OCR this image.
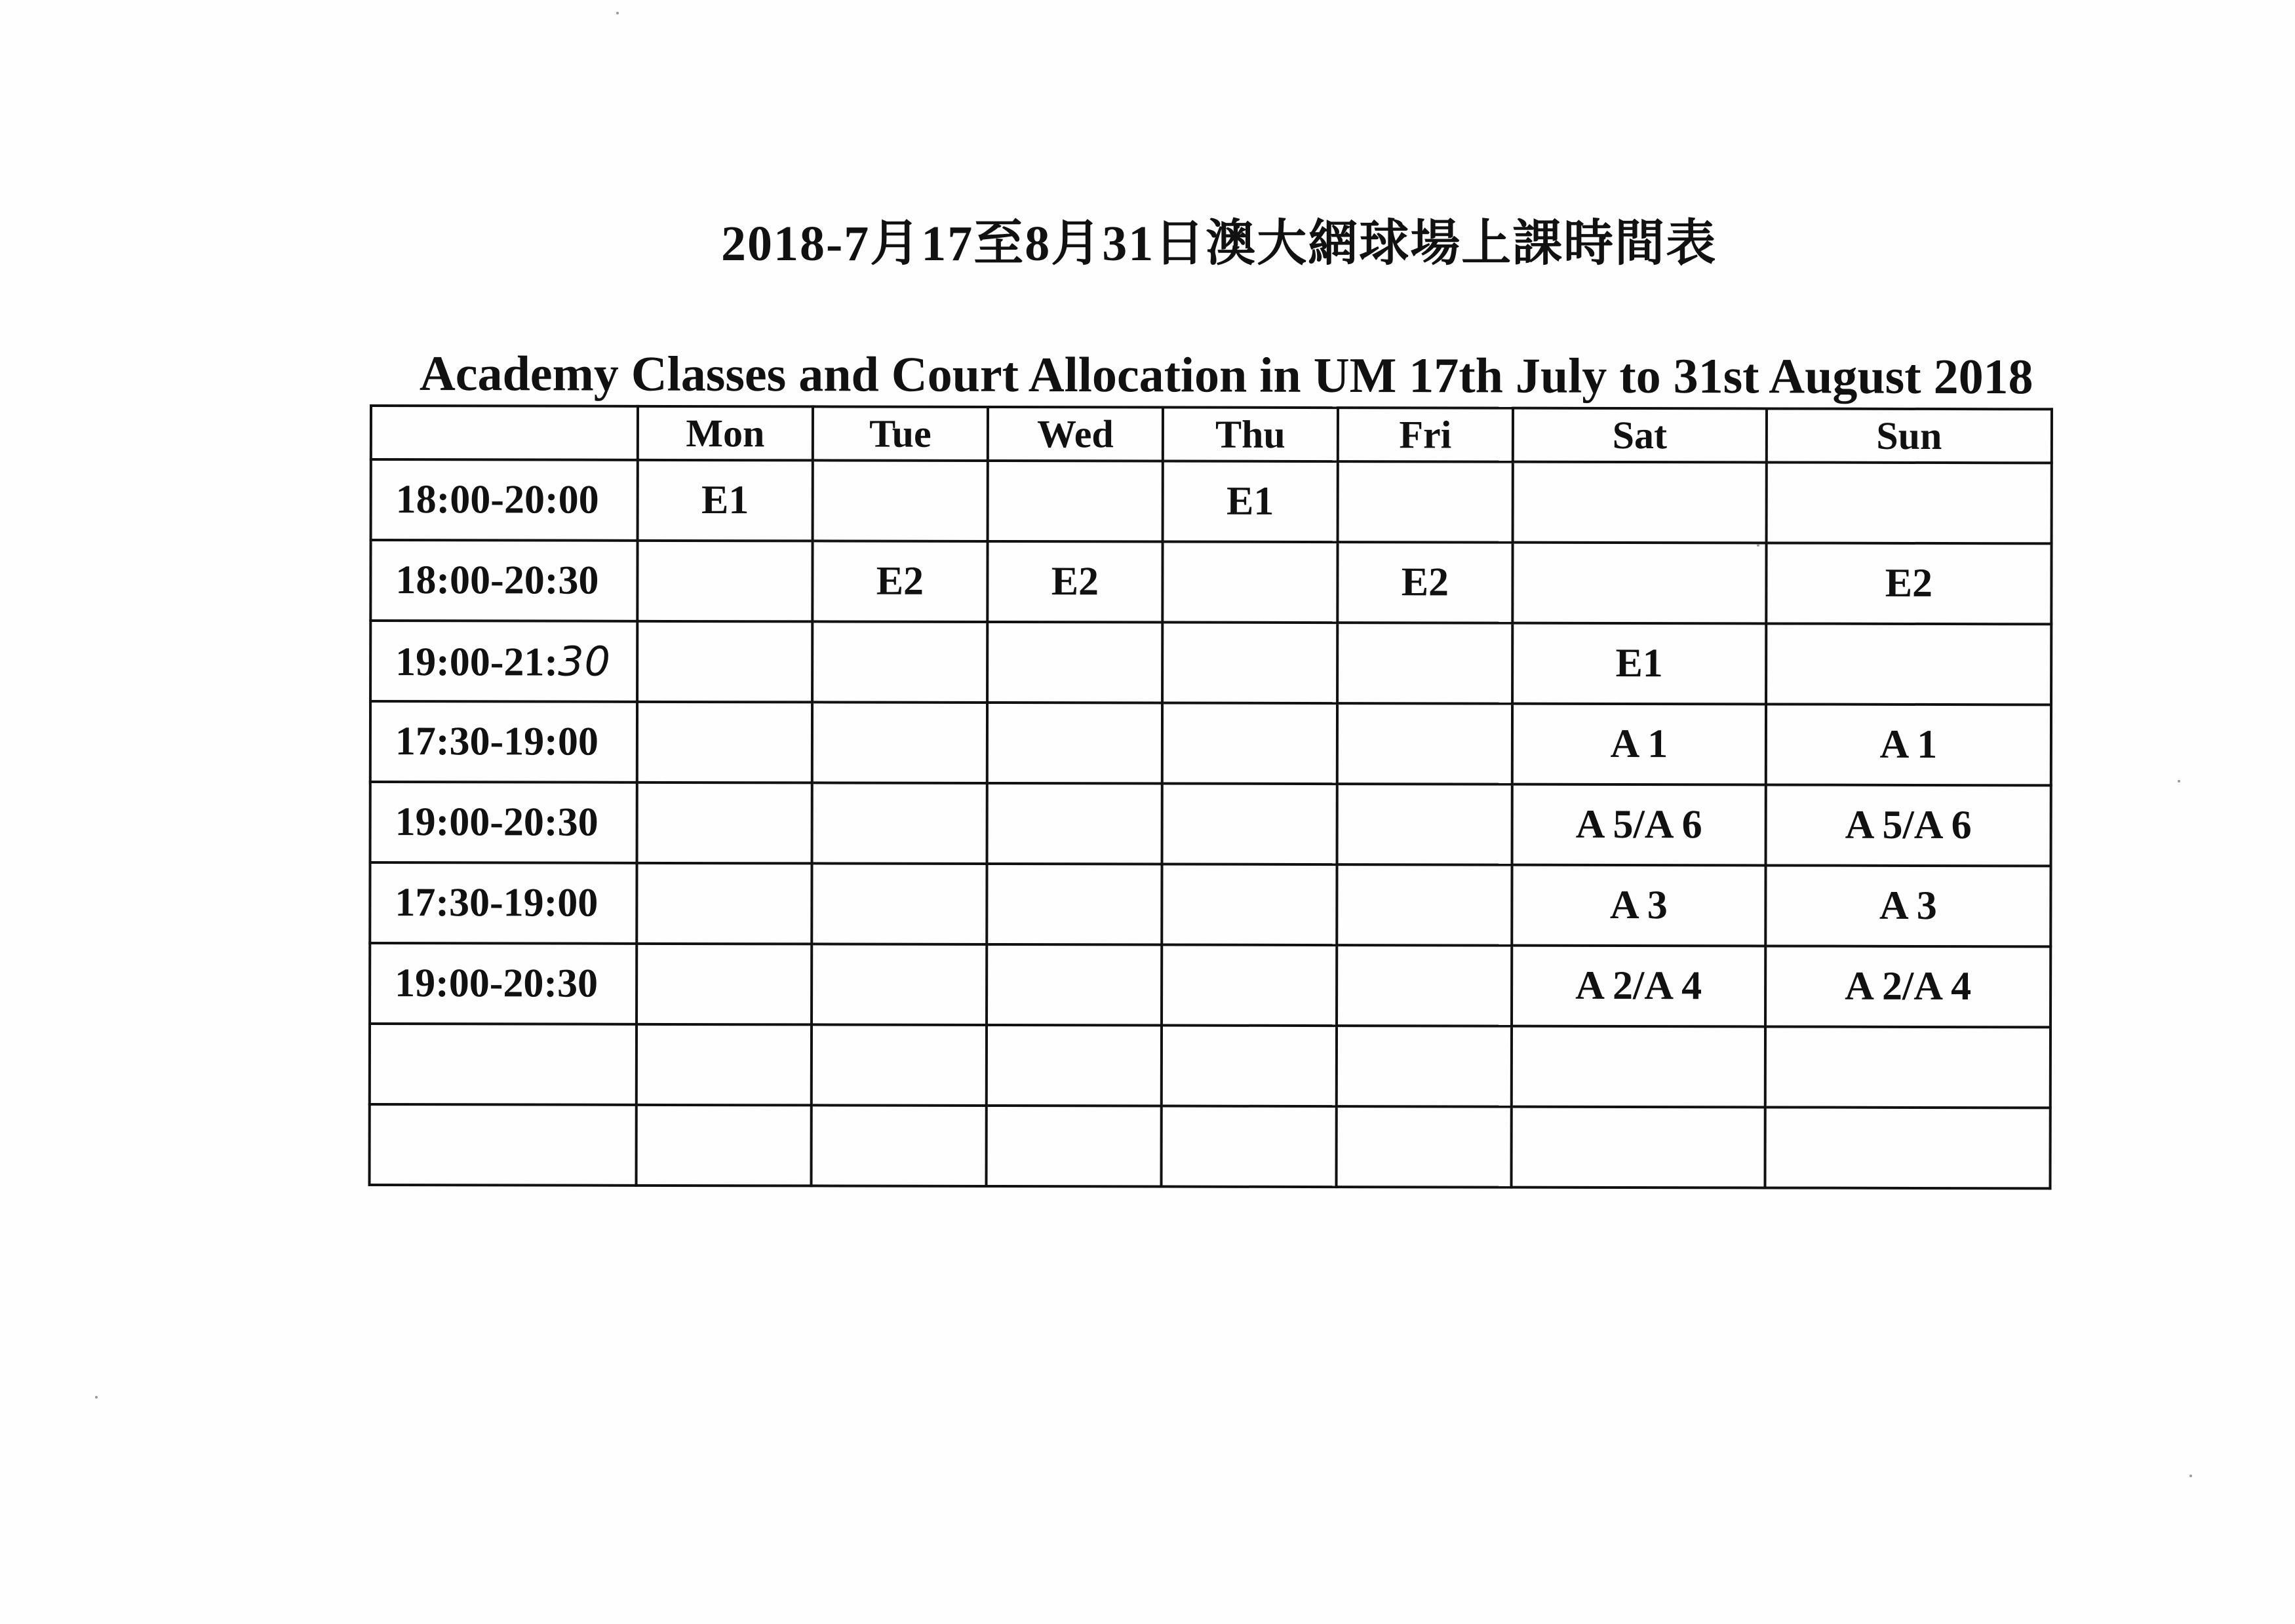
2018-7月17至8月31日澳大網球場上課時間表
Academy Classes and Court Allocation in UM 17th July to 31st August 2018
	Mon	Tue	Wed	Thu	Fri	Sat	Sun
18:00-20:00	E1			E1			
18:00-20:30		E2	E2		E2		E2
19:00-21:30						E1	
17:30-19:00						A 1	A 1
19:00-20:30						A 5/A 6	A 5/A 6
17:30-19:00						A 3	A 3
19:00-20:30						A 2/A 4	A 2/A 4
